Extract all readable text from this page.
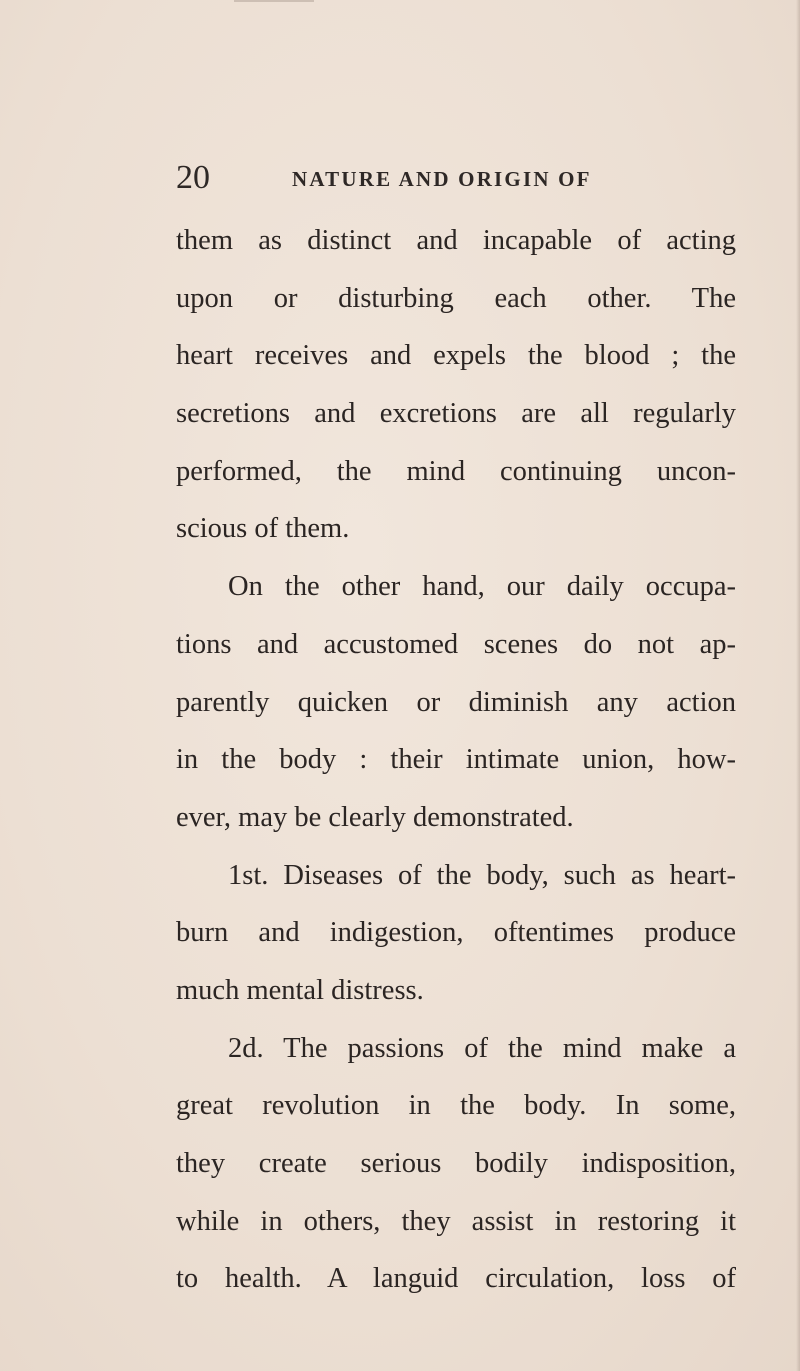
20	NATURE AND ORIGIN OF
them as distinct and incapable of acting
upon or disturbing each other. The
heart receives and expels the blood ; the
secretions and excretions are all regularly
performed, the mind continuing uncon-
scious of them.
On the other hand, our daily occupa-
tions and accustomed scenes do not ap-
parently quicken or diminish any action
in the body : their intimate union, how-
ever, may be clearly demonstrated.
1st. Diseases of the body, such as heart-
burn and indigestion, oftentimes produce
much mental distress.
2d. The passions of the mind make a
great revolution in the body. In some,
they create serious bodily indisposition,
while in others, they assist in restoring it
to health. A languid circulation, loss of
